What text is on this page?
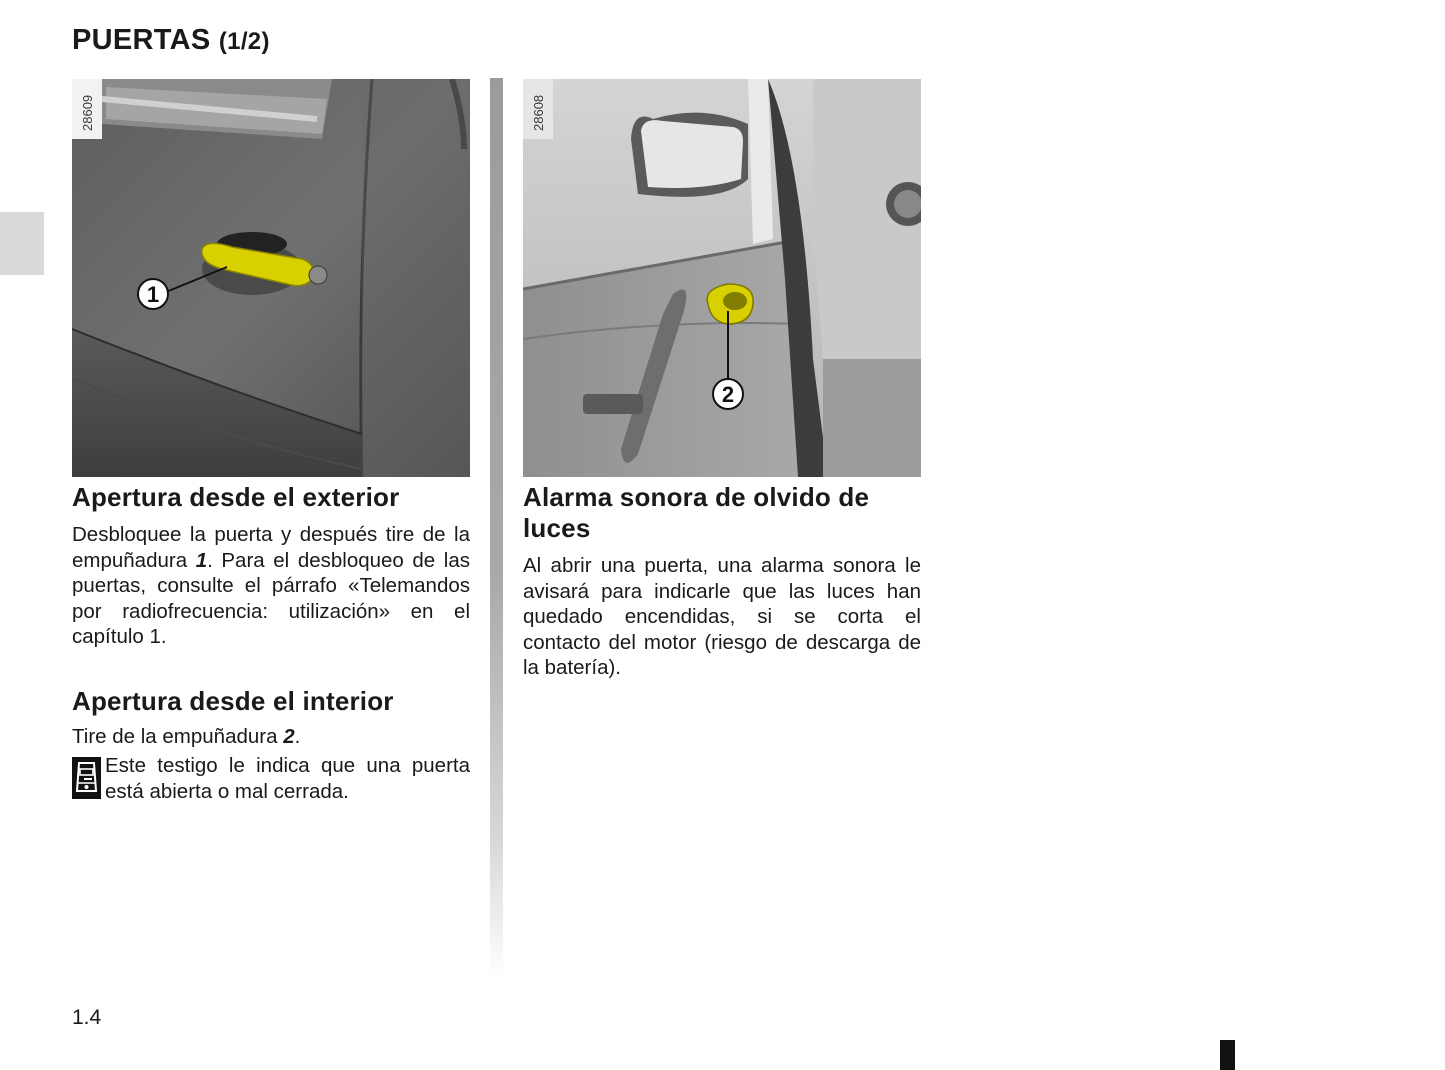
PUERTAS (1/2)
28609
1
2
28608
Apertura desde el exterior

Desbloquee la puerta y después tire de la empuñadura 1. Para el desbloqueo de las puertas, consulte el párrafo «Telemandos por radiofrecuencia: utilización» en el capítulo 1.

Apertura desde el interior

Tire de la empuñadura 2.

Este testigo le indica que una puerta está abierta o mal cerrada.

Alarma sonora de olvido de luces

Al abrir una puerta, una alarma sonora le avisará para indicarle que las luces han quedado encendidas, si se corta el contacto del motor (riesgo de descarga de la batería).

1.4
